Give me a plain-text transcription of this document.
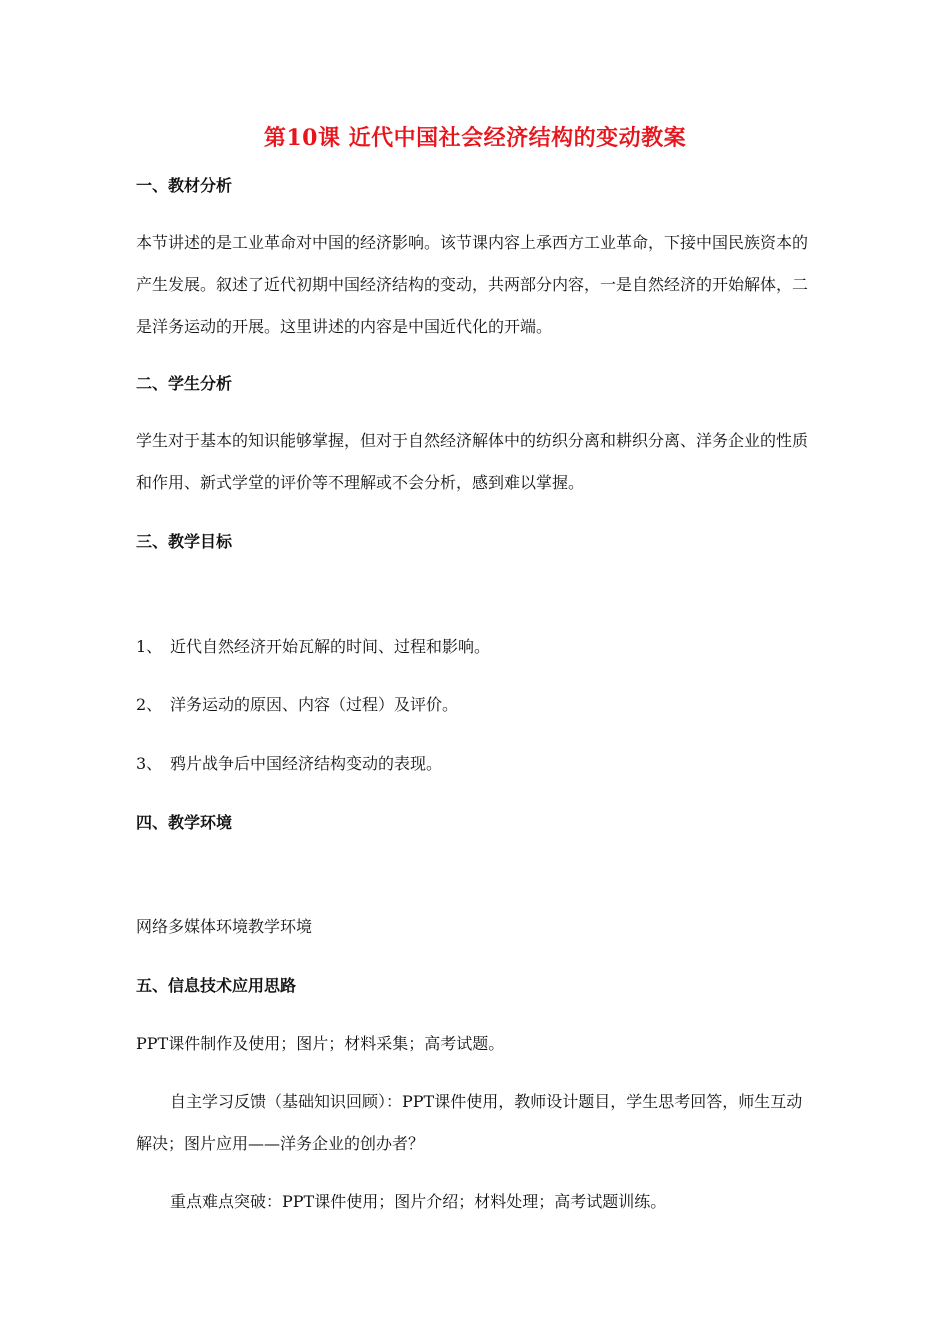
第10课 近代中国社会经济结构的变动教案
一、教材分析
本节讲述的是工业革命对中国的经济影响。该节课内容上承西方工业革命，下接中国民族资本的产生发展。叙述了近代初期中国经济结构的变动，共两部分内容，一是自然经济的开始解体，二是洋务运动的开展。这里讲述的内容是中国近代化的开端。
二、学生分析
学生对于基本的知识能够掌握，但对于自然经济解体中的纺织分离和耕织分离、洋务企业的性质和作用、新式学堂的评价等不理解或不会分析，感到难以掌握。
三、教学目标
1、 近代自然经济开始瓦解的时间、过程和影响。
2、 洋务运动的原因、内容（过程）及评价。
3、 鸦片战争后中国经济结构变动的表现。
四、教学环境
网络多媒体环境教学环境
五、信息技术应用思路
PPT课件制作及使用；图片；材料采集；高考试题。
自主学习反馈（基础知识回顾）：PPT课件使用，教师设计题目，学生思考回答，师生互动解决；图片应用——洋务企业的创办者？
重点难点突破：PPT课件使用；图片介绍；材料处理；高考试题训练。
